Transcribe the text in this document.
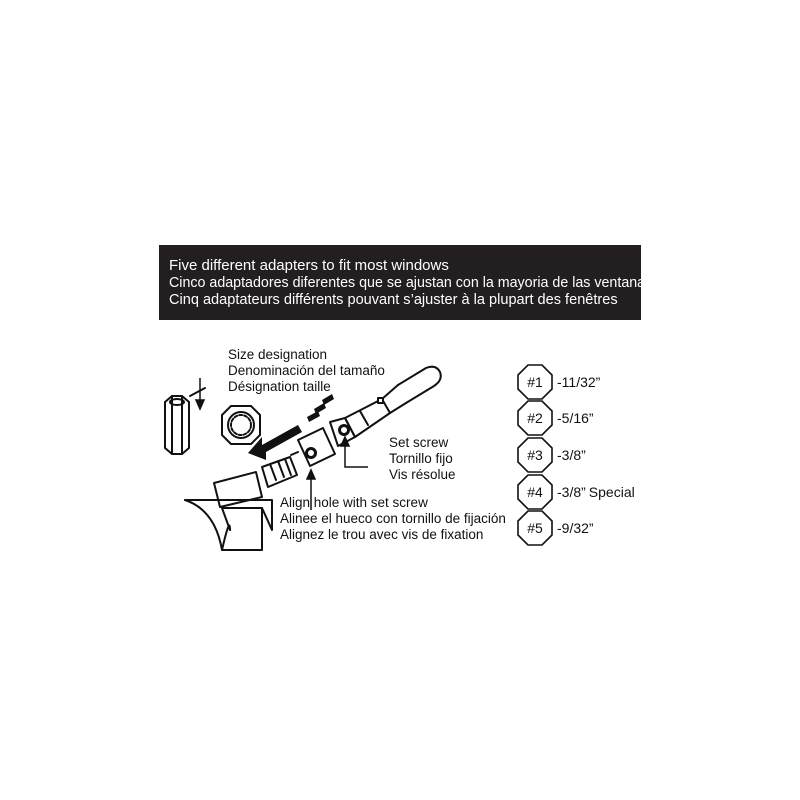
Five different adapters to fit most windows
Cinco adaptadores diferentes que se ajustan con la mayoria de las ventanas
Cinq adaptateurs différents pouvant s’ajuster à la plupart des fenêtres
Size designation
Denominación del tamaño
Désignation taille
Set screw
Tornillo fijo
Vis résolue
Align hole with set screw
Alinee el hueco con tornillo de fijación
Alignez le trou avec vis de fixation
#1	-11/32”
#2	-5/16”
#3	-3/8”
#4	-3/8” Special
#5	-9/32”
